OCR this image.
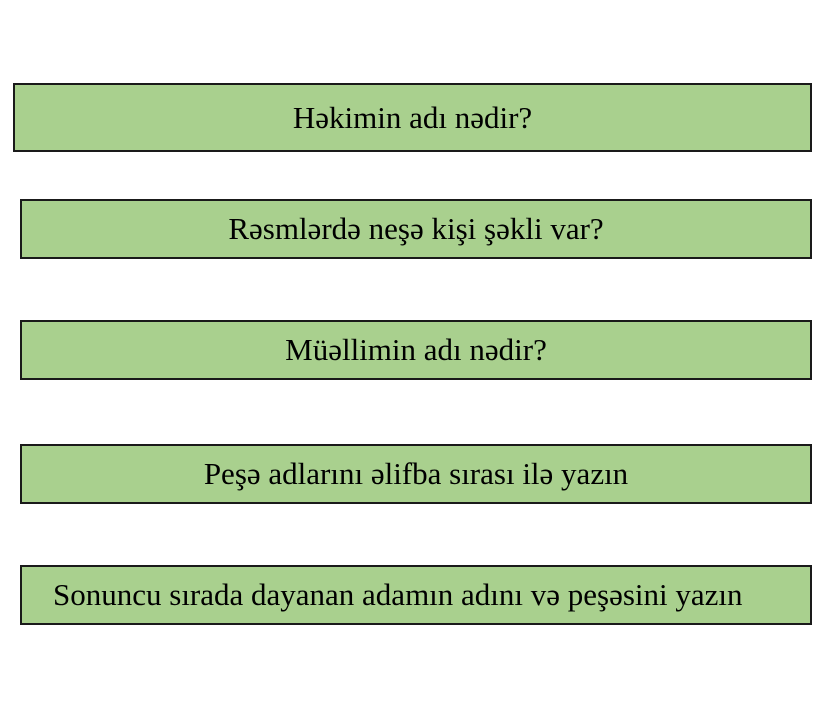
Həkimin adı nədir?
Rəsmlərdə neşə kişi şəkli var?
Müəllimin adı nədir?
Peşə adlarını əlifba sırası ilə yazın
Sonuncu sırada dayanan adamın adını və peşəsini yazın
